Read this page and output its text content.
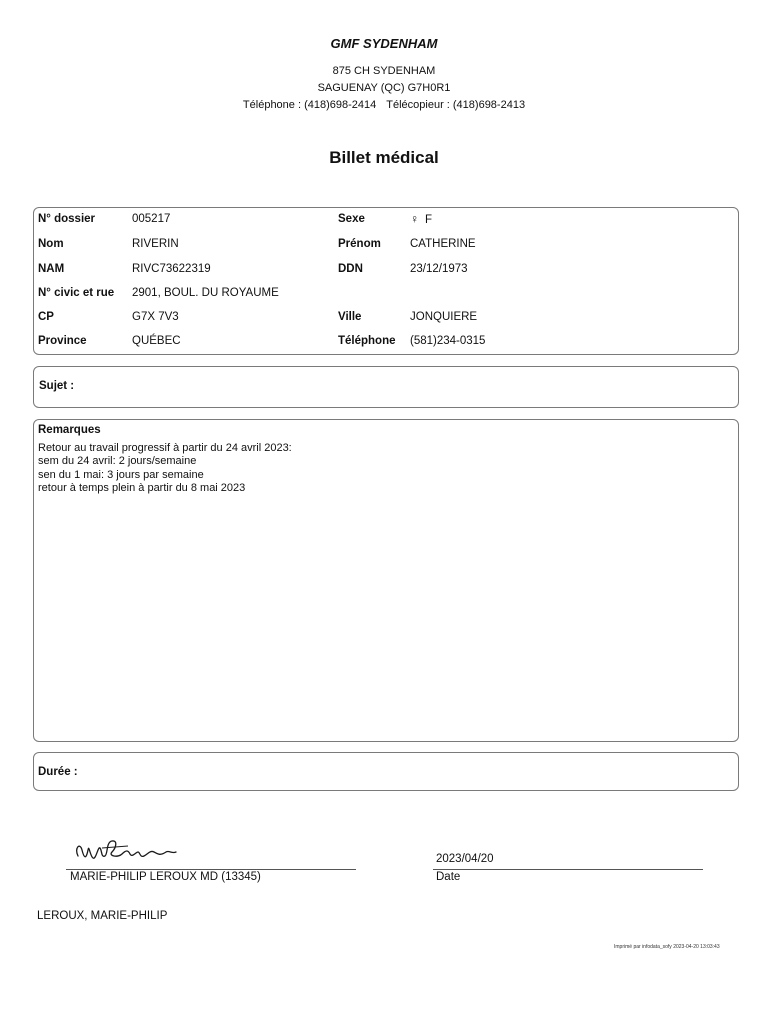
GMF SYDENHAM
875 CH SYDENHAM
SAGUENAY (QC) G7H0R1
Téléphone : (418)698-2414 Télécopieur : (418)698-2413
Billet médical
N° dossier	005217	Sexe	♀ F
Nom	RIVERIN	Prénom	CATHERINE
NAM	RIVC73622319	DDN	23/12/1973
N° civic et rue 2901, BOUL. DU ROYAUME
CP	G7X 7V3	Ville	JONQUIERE
Province	QUÉBEC	Téléphone (581)234-0315
Sujet :
Remarques
Retour au travail progressif à partir du 24 avril 2023:
sem du 24 avril: 2 jours/semaine
sen du 1 mai: 3 jours par semaine
retour à temps plein à partir du 8 mai 2023
Durée :
MARIE-PHILIP LEROUX MD (13345)
2023/04/20
Date
LEROUX, MARIE-PHILIP
Imprimé par infodata_sofy 2023-04-20 13:03:43
